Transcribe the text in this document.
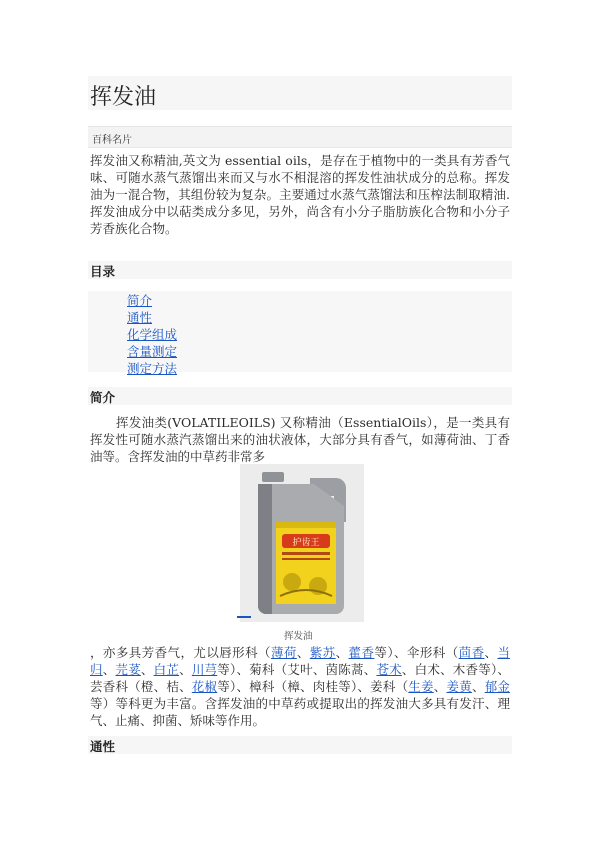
挥发油
百科名片

挥发油又称精油,英文为 essential oils，是存在于植物中的一类具有芳香气味、可随水蒸气蒸馏出来而又与水不相混溶的挥发性油状成分的总称。挥发油为一混合物，其组份较为复杂。主要通过水蒸气蒸馏法和压榨法制取精油.挥发油成分中以萜类成分多见，另外，尚含有小分子脂肪族化合物和小分子芳香族化合物。

目录
简介
通性
化学组成
含量测定
测定方法
简介

挥发油类(VOLATILEOILS) 又称精油（EssentialOils），是一类具有挥发性可随水蒸汽蒸馏出来的油状液体，大部分具有香气，如薄荷油、丁香油等。含挥发油的中草药非常多

护齿王
挥发油

，亦多具芳香气，尤以唇形科（薄荷、紫苏、藿香等）、伞形科（茴香、当归、芫荽、白芷、川芎等）、菊科（艾叶、茵陈蒿、苍术、白术、木香等）、芸香科（橙、桔、花椒等）、樟科（樟、肉桂等）、姜科（生姜、姜黄、郁金等）等科更为丰富。含挥发油的中草药或提取出的挥发油大多具有发汗、理气、止痛、抑菌、矫味等作用。

通性
